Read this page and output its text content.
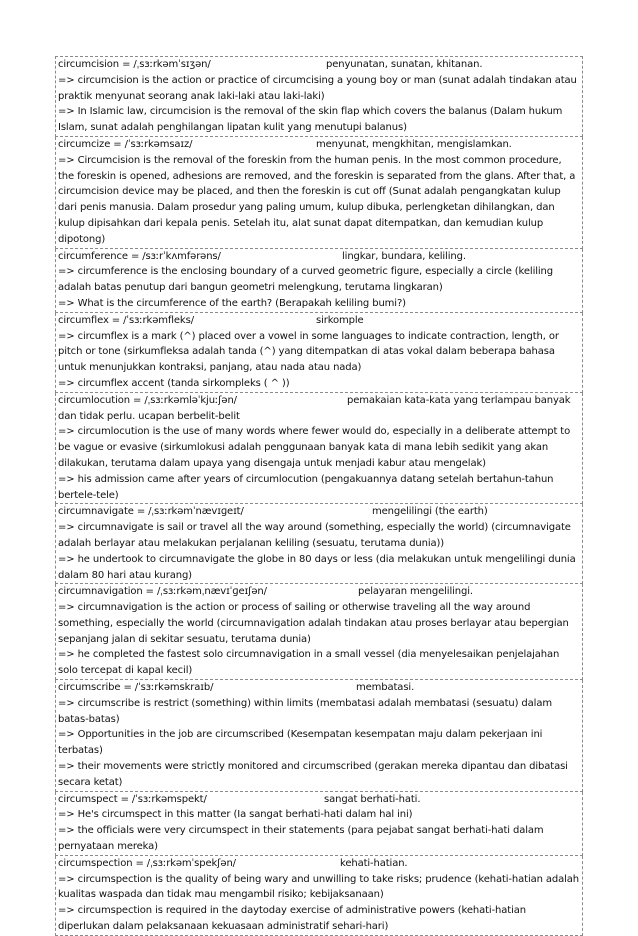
circumcision = /ˌsɜːrkəmˈsɪʒən/	penyunatan, sunatan, khitanan.

=> circumcision is the action or practice of circumcising a young boy or man (sunat adalah tindakan atau praktik menyunat seorang anak laki-laki atau laki-laki)

=> In Islamic law, circumcision is the removal of the skin flap which covers the balanus (Dalam hukum Islam, sunat adalah penghilangan lipatan kulit yang menutupi balanus)

circumcize = /ˈsɜːrkəmsaɪz/	menyunat, mengkhitan, mengislamkan.

=> Circumcision is the removal of the foreskin from the human penis. In the most common procedure, the foreskin is opened, adhesions are removed, and the foreskin is separated from the glans. After that, a circumcision device may be placed, and then the foreskin is cut off (Sunat adalah pengangkatan kulup dari penis manusia. Dalam prosedur yang paling umum, kulup dibuka, perlengketan dihilangkan, dan kulup dipisahkan dari kepala penis. Setelah itu, alat sunat dapat ditempatkan, dan kemudian kulup dipotong)

circumference = /sɜːrˈkʌmfərəns/	lingkar, bundara, keliling.

=> circumference is the enclosing boundary of a curved geometric figure, especially a circle (keliling adalah batas penutup dari bangun geometri melengkung, terutama lingkaran)

=> What is the circumference of the earth? (Berapakah keliling bumi?)

circumflex = /ˈsɜːrkəmfleks/	sirkomple

=> circumflex is a mark (^) placed over a vowel in some languages to indicate contraction, length, or pitch or tone (sirkumfleksa adalah tanda (^) yang ditempatkan di atas vokal dalam beberapa bahasa untuk menunjukkan kontraksi, panjang, atau nada atau nada)

=> circumflex accent (tanda sirkompleks ( ^ ))

circumlocution = /ˌsɜːrkəmləˈkjuːʃən/	pemakaian kata-kata yang terlampau banyak dan tidak perlu. ucapan berbelit-belit

=> circumlocution is the use of many words where fewer would do, especially in a deliberate attempt to be vague or evasive (sirkumlokusi adalah penggunaan banyak kata di mana lebih sedikit yang akan dilakukan, terutama dalam upaya yang disengaja untuk menjadi kabur atau mengelak)

=> his admission came after years of circumlocution (pengakuannya datang setelah bertahun-tahun bertele-tele)

circumnavigate = /ˌsɜːrkəmˈnævɪɡeɪt/	mengelilingi (the earth)

=> circumnavigate is sail or travel all the way around (something, especially the world) (circumnavigate adalah berlayar atau melakukan perjalanan keliling (sesuatu, terutama dunia))

=> he undertook to circumnavigate the globe in 80 days or less (dia melakukan untuk mengelilingi dunia dalam 80 hari atau kurang)

circumnavigation = /ˌsɜːrkəmˌnævɪˈɡeɪʃən/	pelayaran mengelilingi.

=> circumnavigation is the action or process of sailing or otherwise traveling all the way around something, especially the world (circumnavigation adalah tindakan atau proses berlayar atau bepergian sepanjang jalan di sekitar sesuatu, terutama dunia)

=> he completed the fastest solo circumnavigation in a small vessel (dia menyelesaikan penjelajahan solo tercepat di kapal kecil)

circumscribe = /ˈsɜːrkəmskraɪb/	membatasi.

=> circumscribe is restrict (something) within limits (membatasi adalah membatasi (sesuatu) dalam batas-batas)

=> Opportunities in the job are circumscribed (Kesempatan kesempatan maju dalam pekerjaan ini terbatas)

=> their movements were strictly monitored and circumscribed (gerakan mereka dipantau dan dibatasi secara ketat)

circumspect = /ˈsɜːrkəmspekt/	sangat berhati-hati.

=> He's circumspect in this matter (Ia sangat berhati-hati dalam hal ini)

=> the officials were very circumspect in their statements (para pejabat sangat berhati-hati dalam pernyataan mereka)

circumspection = /ˌsɜːrkəmˈspekʃən/	kehati-hatian.

=> circumspection is the quality of being wary and unwilling to take risks; prudence (kehati-hatian adalah kualitas waspada dan tidak mau mengambil risiko; kebijaksanaan)

=> circumspection is required in the daytoday exercise of administrative powers (kehati-hatian diperlukan dalam pelaksanaan kekuasaan administratif sehari-hari)
